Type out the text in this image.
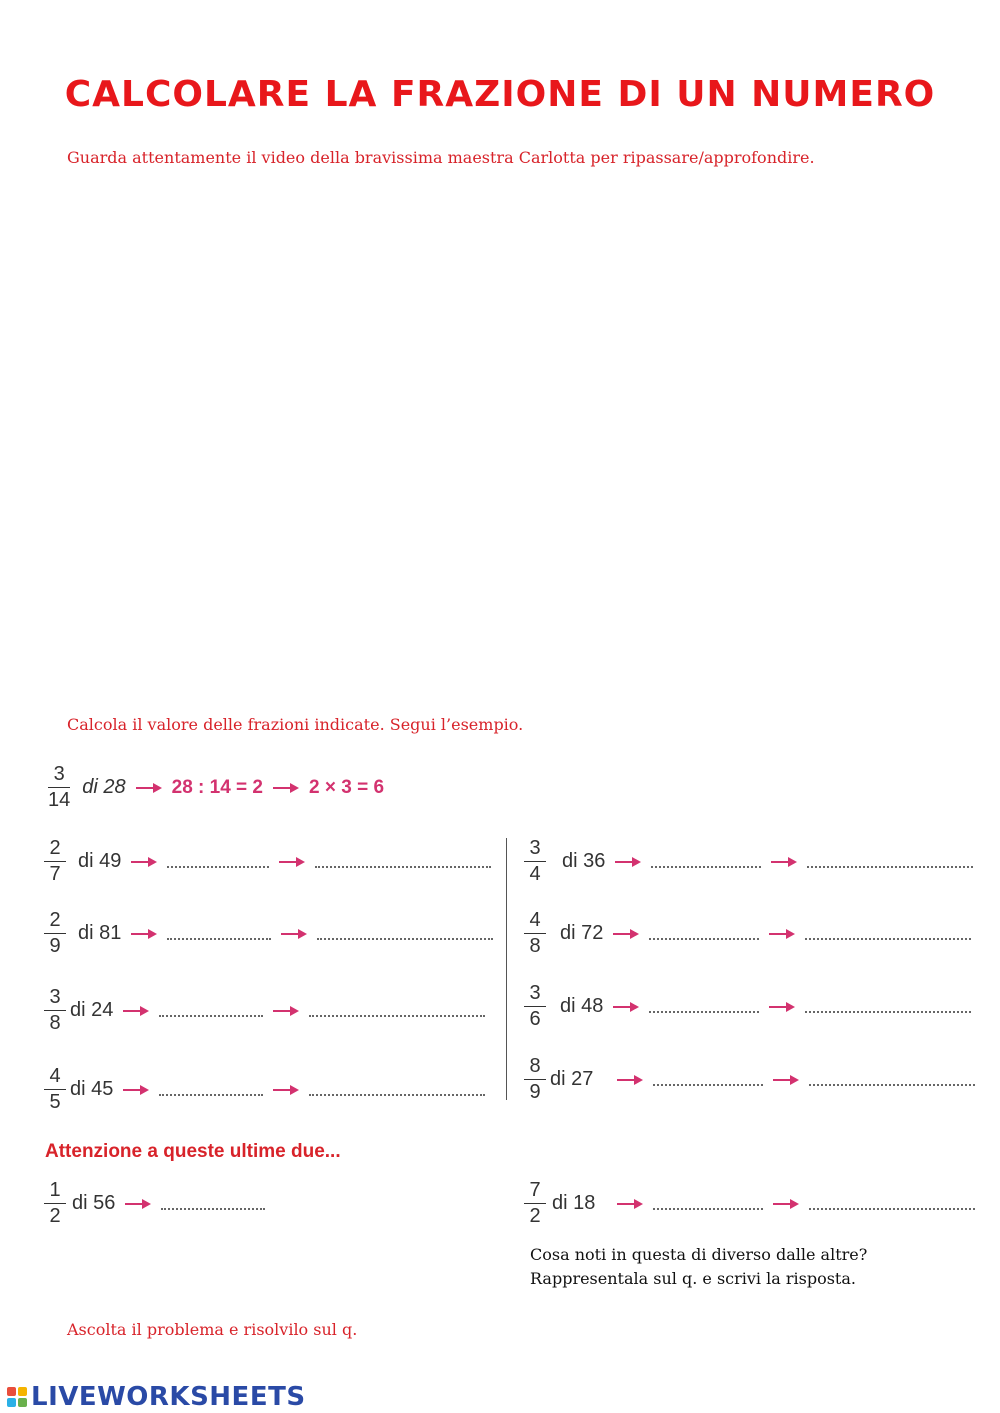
CALCOLARE LA FRAZIONE DI UN NUMERO
Guarda attentamente il video della bravissima maestra Carlotta per ripassare/approfondire.
Calcola il valore delle frazioni indicate. Segui l’esempio.
$\frac{3}{14}$ di 28 28 : 14 = 2 2 × 3 = 6
$\frac{2}{7}$ di 49
$\frac{2}{9}$ di 81
$\frac{3}{8}$ di 24
$\frac{4}{5}$ di 45
$\frac{3}{4}$ di 36
$\frac{4}{8}$ di 72
$\frac{3}{6}$ di 48
$\frac{8}{9}$ di 27
Attenzione a queste ultime due...
$\frac{1}{2}$ di 56	$\frac{7}{2}$ di 18
Cosa noti in questa di diverso dalle altre?
Rappresentala sul q. e scrivi la risposta.
Ascolta il problema e risolvilo sul q.
LIVEWORKSHEETS
